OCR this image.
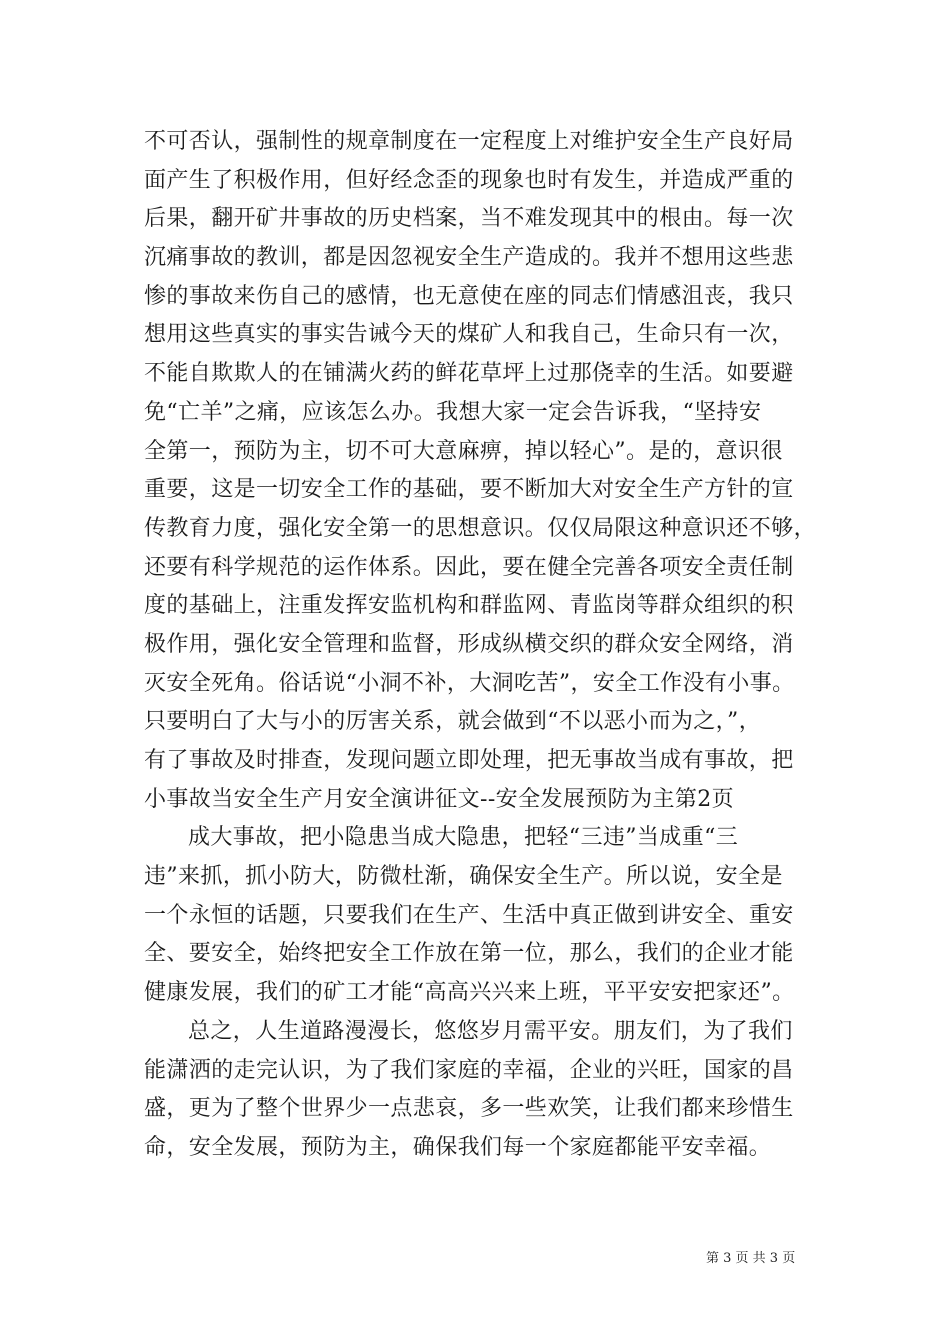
不可否认，强制性的规章制度在一定程度上对维护安全生产良好局
面产生了积极作用，但好经念歪的现象也时有发生，并造成严重的
后果，翻开矿井事故的历史档案，当不难发现其中的根由。每一次
沉痛事故的教训，都是因忽视安全生产造成的。我并不想用这些悲
惨的事故来伤自己的感情，也无意使在座的同志们情感沮丧，我只
想用这些真实的事实告诫今天的煤矿人和我自己，生命只有一次，
不能自欺欺人的在铺满火药的鲜花草坪上过那侥幸的生活。如要避
免“亡羊”之痛，应该怎么办。我想大家一定会告诉我，“坚持安
全第一，预防为主，切不可大意麻痹，掉以轻心”。是的，意识很
重要，这是一切安全工作的基础，要不断加大对安全生产方针的宣
传教育力度，强化安全第一的思想意识。仅仅局限这种意识还不够，
还要有科学规范的运作体系。因此，要在健全完善各项安全责任制
度的基础上，注重发挥安监机构和群监网、青监岗等群众组织的积
极作用，强化安全管理和监督，形成纵横交织的群众安全网络，消
灭安全死角。俗话说“小洞不补，大洞吃苦”，安全工作没有小事。
只要明白了大与小的厉害关系，就会做到“不以恶小而为之，”，
有了事故及时排查，发现问题立即处理，把无事故当成有事故，把
小事故当安全生产月安全演讲征文--安全发展预防为主第2页
成大事故，把小隐患当成大隐患，把轻“三违”当成重“三
违”来抓，抓小防大，防微杜渐，确保安全生产。所以说，安全是
一个永恒的话题，只要我们在生产、生活中真正做到讲安全、重安
全、要安全，始终把安全工作放在第一位，那么，我们的企业才能
健康发展，我们的矿工才能“高高兴兴来上班，平平安安把家还”。
总之，人生道路漫漫长，悠悠岁月需平安。朋友们，为了我们
能潇洒的走完认识，为了我们家庭的幸福，企业的兴旺，国家的昌
盛，更为了整个世界少一点悲哀，多一些欢笑，让我们都来珍惜生
命，安全发展，预防为主，确保我们每一个家庭都能平安幸福。
第 3 页 共 3 页
